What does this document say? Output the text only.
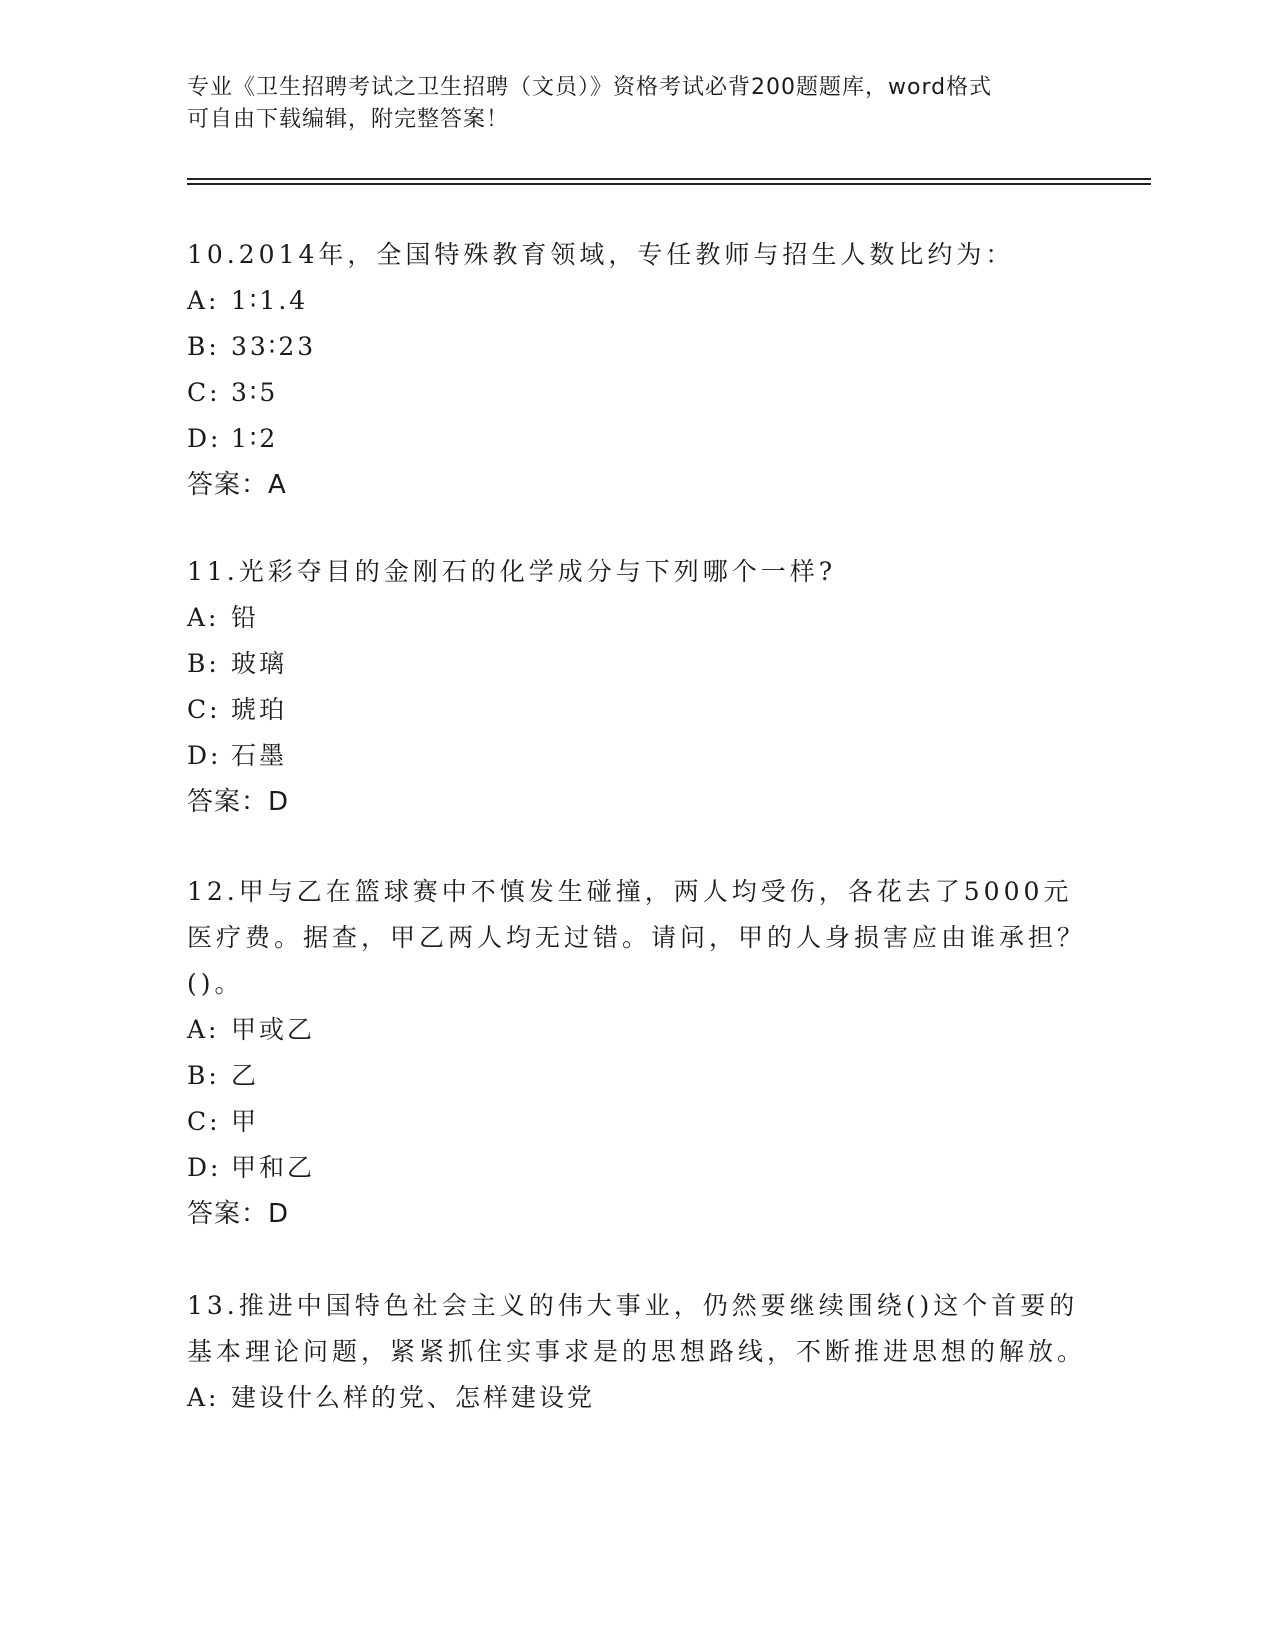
专业《卫生招聘考试之卫生招聘（文员）》资格考试必背200题题库，word格式
可自由下载编辑，附完整答案！

10.2014年，全国特殊教育领域，专任教师与招生人数比约为：

A: 1∶1.4

B: 33∶23

C: 3∶5

D: 1∶2

答案：A

11.光彩夺目的金刚石的化学成分与下列哪个一样?

A: 铅

B: 玻璃

C: 琥珀

D: 石墨

答案：D

12.甲与乙在篮球赛中不慎发生碰撞，两人均受伤，各花去了5000元医疗费。据查，甲乙两人均无过错。请问，甲的人身损害应由谁承担？()。

A: 甲或乙

B: 乙

C: 甲

D: 甲和乙

答案：D

13.推进中国特色社会主义的伟大事业，仍然要继续围绕()这个首要的基本理论问题，紧紧抓住实事求是的思想路线，不断推进思想的解放。

A: 建设什么样的党、怎样建设党
